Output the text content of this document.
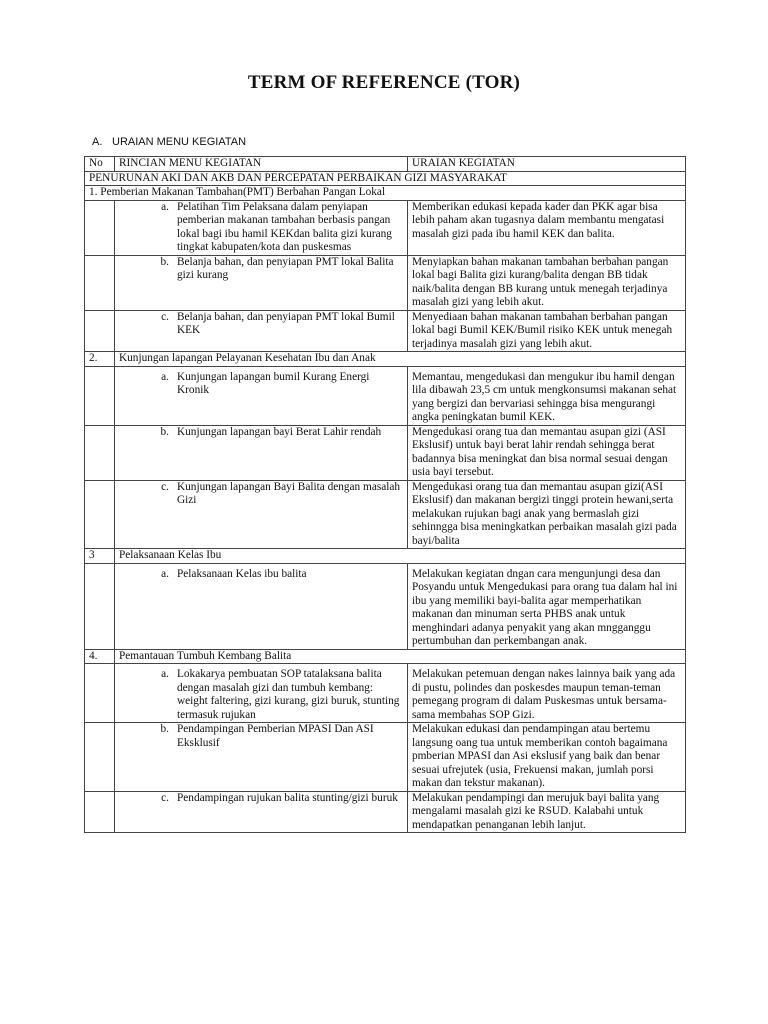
TERM OF REFERENCE (TOR)
A. URAIAN MENU KEGIATAN
No	RINCIAN MENU KEGIATAN	URAIAN KEGIATAN
PENURUNAN AKI DAN AKB DAN PERCEPATAN PERBAIKAN GIZI MASYARAKAT		
1. Pemberian Makanan Tambahan(PMT) Berbahan Pangan Lokal		

	a. Pelatihan Tim Pelaksana dalam penyiapan pemberian makanan tambahan berbasis pangan lokal bagi ibu hamil KEKdan balita gizi kurang tingkat kabupaten/kota dan puskesmas	Memberikan edukasi kepada kader dan PKK agar bisa lebih paham akan tugasnya dalam membantu mengatasi masalah gizi pada ibu hamil KEK dan balita.

	b. Belanja bahan, dan penyiapan PMT lokal Balita gizi kurang	Menyiapkan bahan makanan tambahan berbahan pangan lokal bagi Balita gizi kurang/balita dengan BB tidak naik/balita dengan BB kurang untuk menegah terjadinya masalah gizi yang lebih akut.

	c. Belanja bahan, dan penyiapan PMT lokal Bumil KEK	Menyediaan bahan makanan tambahan berbahan pangan lokal bagi Bumil KEK/Bumil risiko KEK untuk menegah terjadinya masalah gizi yang lebih akut.
2.	Kunjungan lapangan Pelayanan Kesehatan Ibu dan Anak	

	a. Kunjungan lapangan bumil Kurang Energi Kronik	Memantau, mengedukasi dan mengukur ibu hamil dengan lila dibawah 23,5 cm untuk mengkonsumsi makanan sehat yang bergizi dan bervariasi sehingga bisa mengurangi angka peningkatan bumil KEK.

	b. Kunjungan lapangan bayi Berat Lahir rendah	Mengedukasi orang tua dan memantau asupan gizi (ASI Ekslusif) untuk bayi berat lahir rendah sehingga berat badannya bisa meningkat dan bisa normal sesuai dengan usia bayi tersebut.

	c. Kunjungan lapangan Bayi Balita dengan masalah Gizi	Mengedukasi orang tua dan memantau asupan gizi(ASI Ekslusif) dan makanan bergizi tinggi protein hewani,serta melakukan rujukan bagi anak yang bermaslah gizi sehinngga bisa meningkatkan perbaikan masalah gizi pada bayi/balita
3	Pelaksanaan Kelas Ibu	

	a. Pelaksanaan Kelas ibu balita	Melakukan kegiatan dngan cara mengunjungi desa dan Posyandu untuk Mengedukasi para orang tua dalam hal ini ibu yang memiliki bayi-balita agar memperhatikan makanan dan minuman serta PHBS anak untuk menghindari adanya penyakit yang akan mngganggu pertumbuhan dan perkembangan anak.
4.	Pemantauan Tumbuh Kembang Balita	

	a. Lokakarya pembuatan SOP tatalaksana balita dengan masalah gizi dan tumbuh kembang: weight faltering, gizi kurang, gizi buruk, stunting termasuk rujukan	Melakukan petemuan dengan nakes lainnya baik yang ada di pustu, polindes dan poskesdes maupun teman-teman pemegang program di dalam Puskesmas untuk bersama-sama membahas SOP Gizi.

	b. Pendampingan Pemberian MPASI Dan ASI Eksklusif	Melakukan edukasi dan pendampingan atau bertemu langsung oang tua untuk memberikan contoh bagaimana pmberian MPASI dan Asi ekslusif yang baik dan benar sesuai ufrejutek (usia, Frekuensi makan, jumlah porsi makan dan tekstur makanan).

	c. Pendampingan rujukan balita stunting/gizi buruk	Melakukan pendampingi dan merujuk bayi balita yang mengalami masalah gizi ke RSUD. Kalabahi untuk mendapatkan penanganan lebih lanjut.
